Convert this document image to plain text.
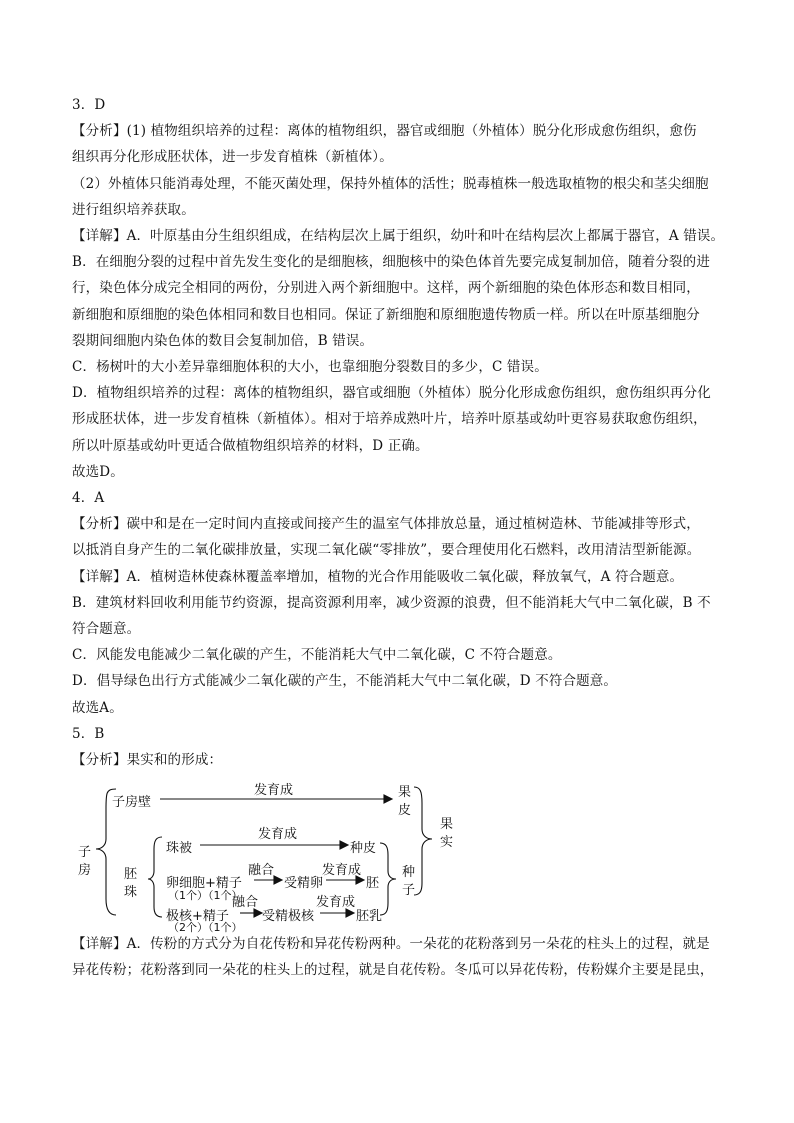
3．D
【分析】(1) 植物组织培养的过程：离体的植物组织，器官或细胞（外植体）脱分化形成愈伤组织，愈伤
组织再分化形成胚状体，进一步发育植株（新植体）。
（2）外植体只能消毒处理，不能灭菌处理，保持外植体的活性；脱毒植株一般选取植物的根尖和茎尖细胞
进行组织培养获取。
【详解】A．叶原基由分生组织组成，在结构层次上属于组织，幼叶和叶在结构层次上都属于器官，A 错误。
B．在细胞分裂的过程中首先发生变化的是细胞核，细胞核中的染色体首先要完成复制加倍，随着分裂的进
行，染色体分成完全相同的两份，分别进入两个新细胞中。这样，两个新细胞的染色体形态和数目相同，
新细胞和原细胞的染色体相同和数目也相同。保证了新细胞和原细胞遗传物质一样。所以在叶原基细胞分
裂期间细胞内染色体的数目会复制加倍，B 错误。
C．杨树叶的大小差异靠细胞体积的大小，也靠细胞分裂数目的多少，C 错误。
D．植物组织培养的过程：离体的植物组织，器官或细胞（外植体）脱分化形成愈伤组织，愈伤组织再分化
形成胚状体，进一步发育植株（新植体）。相对于培养成熟叶片，培养叶原基或幼叶更容易获取愈伤组织，
所以叶原基或幼叶更适合做植物组织培养的材料，D 正确。
故选D。
4．A
【分析】碳中和是在一定时间内直接或间接产生的温室气体排放总量，通过植树造林、节能减排等形式，
以抵消自身产生的二氧化碳排放量，实现二氧化碳“零排放”，要合理使用化石燃料，改用清洁型新能源。
【详解】A．植树造林使森林覆盖率增加，植物的光合作用能吸收二氧化碳，释放氧气，A 符合题意。
B．建筑材料回收利用能节约资源，提高资源利用率，减少资源的浪费，但不能消耗大气中二氧化碳，B 不
符合题意。
C．风能发电能减少二氧化碳的产生，不能消耗大气中二氧化碳，C 不符合题意。
D．倡导绿色出行方式能减少二氧化碳的产生，不能消耗大气中二氧化碳，D 不符合题意。
故选A。
5．B
【分析】果实和的形成：
子
房
子房壁
发育成	果
皮
果
实
胚
珠
珠被
发育成
种皮
卵细胞+精子
融合
受精卵
发育成
胚
（1个）（1个）
极核+精子
融合
受精极核
发育成
胚乳
（2个）（1个）
种
子
【详解】A．传粉的方式分为自花传粉和异花传粉两种。一朵花的花粉落到另一朵花的柱头上的过程，就是
异花传粉；花粉落到同一朵花的柱头上的过程，就是自花传粉。冬瓜可以异花传粉，传粉媒介主要是昆虫，
